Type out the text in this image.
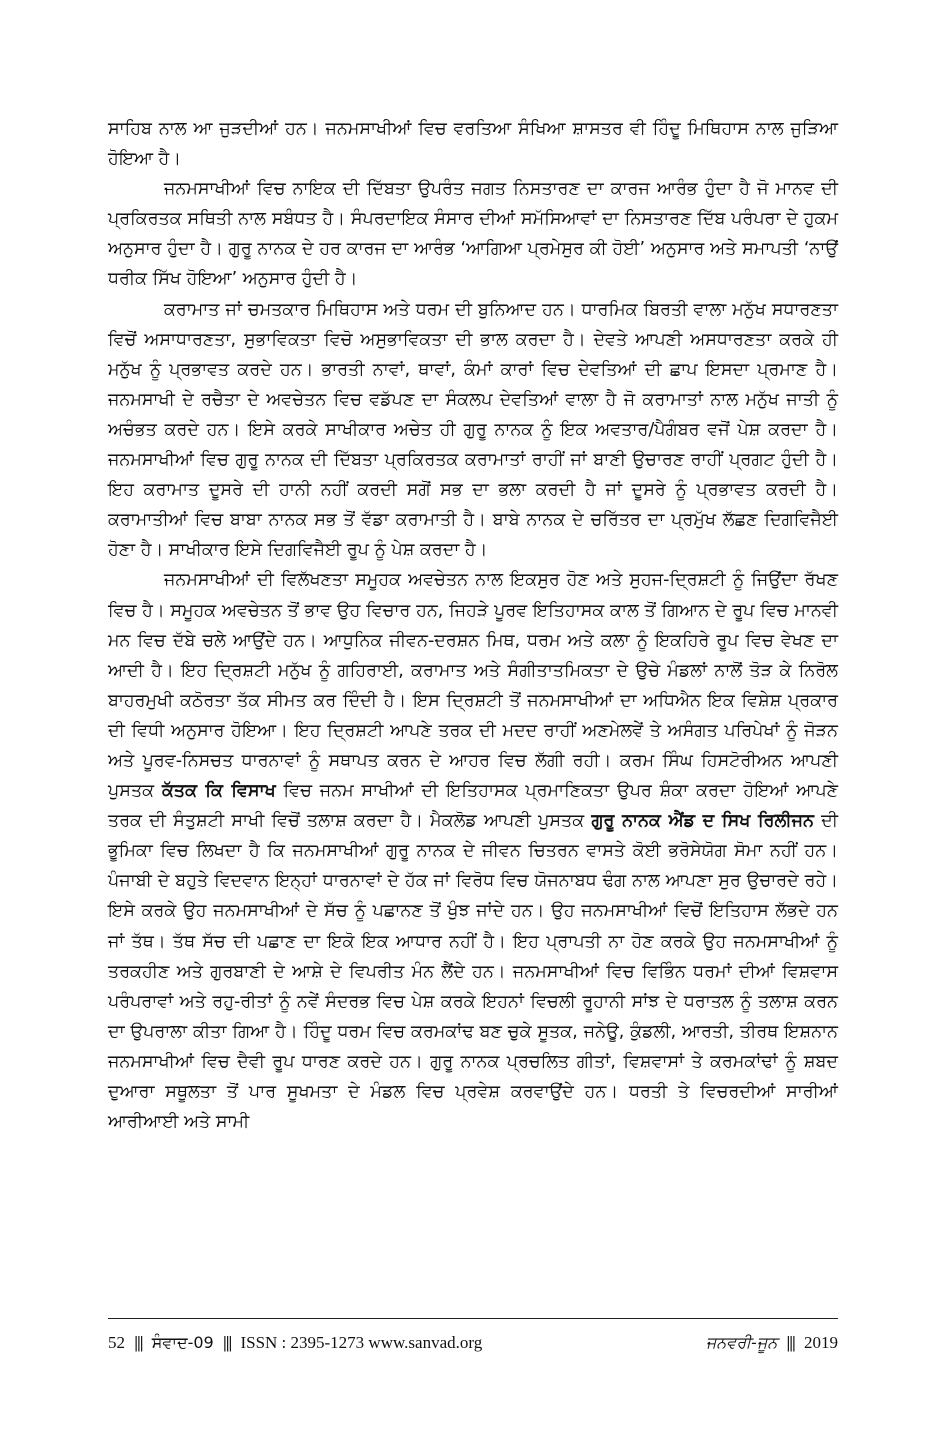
ਸਾਹਿਬ ਨਾਲ ਆ ਜੁੜਦੀਆਂ ਹਨ। ਜਨਮਸਾਖੀਆਂ ਵਿਚ ਵਰਤਿਆ ਸੰਖਿਆ ਸ਼ਾਸਤਰ ਵੀ ਹਿੰਦੂ ਮਿਥਿਹਾਸ ਨਾਲ ਜੁੜਿਆ ਹੋਇਆ ਹੈ।

ਜਨਮਸਾਖੀਆਂ ਵਿਚ ਨਾਇਕ ਦੀ ਦਿੱਬਤਾ ਉਪਰੰਤ ਜਗਤ ਨਿਸਤਾਰਣ ਦਾ ਕਾਰਜ ਆਰੰਭ ਹੁੰਦਾ ਹੈ ਜੋ ਮਾਨਵ ਦੀ ਪ੍ਰਕਿਰਤਕ ਸਥਿਤੀ ਨਾਲ ਸਬੰਧਤ ਹੈ। ਸੰਪਰਦਾਇਕ ਸੰਸਾਰ ਦੀਆਂ ਸਮੱਸਿਆਵਾਂ ਦਾ ਨਿਸਤਾਰਣ ਦਿੱਬ ਪਰੰਪਰਾ ਦੇ ਹੁਕਮ ਅਨੁਸਾਰ ਹੁੰਦਾ ਹੈ। ਗੁਰੂ ਨਾਨਕ ਦੇ ਹਰ ਕਾਰਜ ਦਾ ਆਰੰਭ ‘ਆਗਿਆ ਪ੍ਰਮੇਸੁਰ ਕੀ ਹੋਈ’ ਅਨੁਸਾਰ ਅਤੇ ਸਮਾਪਤੀ ‘ਨਾਉਂ ਧਰੀਕ ਸਿੱਖ ਹੋਇਆ’ ਅਨੁਸਾਰ ਹੁੰਦੀ ਹੈ।

ਕਰਾਮਾਤ ਜਾਂ ਚਮਤਕਾਰ ਮਿਥਿਹਾਸ ਅਤੇ ਧਰਮ ਦੀ ਬੁਨਿਆਦ ਹਨ। ਧਾਰਮਿਕ ਬਿਰਤੀ ਵਾਲਾ ਮਨੁੱਖ ਸਧਾਰਣਤਾ ਵਿਚੋਂ ਅਸਾਧਾਰਣਤਾ, ਸੁਭਾਵਿਕਤਾ ਵਿਚੋ ਅਸੁਭਾਵਿਕਤਾ ਦੀ ਭਾਲ ਕਰਦਾ ਹੈ। ਦੇਵਤੇ ਆਪਣੀ ਅਸਧਾਰਣਤਾ ਕਰਕੇ ਹੀ ਮਨੁੱਖ ਨੂੰ ਪ੍ਰਭਾਵਤ ਕਰਦੇ ਹਨ। ਭਾਰਤੀ ਨਾਵਾਂ, ਥਾਵਾਂ, ਕੰਮਾਂ ਕਾਰਾਂ ਵਿਚ ਦੇਵਤਿਆਂ ਦੀ ਛਾਪ ਇਸਦਾ ਪ੍ਰਮਾਣ ਹੈ। ਜਨਮਸਾਖੀ ਦੇ ਰਚੈਤਾ ਦੇ ਅਵਚੇਤਨ ਵਿਚ ਵਡੱਪਣ ਦਾ ਸੰਕਲਪ ਦੇਵਤਿਆਂ ਵਾਲਾ ਹੈ ਜੋ ਕਰਾਮਾਤਾਂ ਨਾਲ ਮਨੁੱਖ ਜਾਤੀ ਨੂੰ ਅਚੰਭਤ ਕਰਦੇ ਹਨ। ਇਸੇ ਕਰਕੇ ਸਾਖੀਕਾਰ ਅਚੇਤ ਹੀ ਗੁਰੂ ਨਾਨਕ ਨੂੰ ਇਕ ਅਵਤਾਰ/ਪੈਗੰਬਰ ਵਜੋਂ ਪੇਸ਼ ਕਰਦਾ ਹੈ। ਜਨਮਸਾਖੀਆਂ ਵਿਚ ਗੁਰੂ ਨਾਨਕ ਦੀ ਦਿੱਬਤਾ ਪ੍ਰਕਿਰਤਕ ਕਰਾਮਾਤਾਂ ਰਾਹੀਂ ਜਾਂ ਬਾਣੀ ਉਚਾਰਣ ਰਾਹੀਂ ਪ੍ਰਗਟ ਹੁੰਦੀ ਹੈ। ਇਹ ਕਰਾਮਾਤ ਦੂਸਰੇ ਦੀ ਹਾਨੀ ਨਹੀਂ ਕਰਦੀ ਸਗੋਂ ਸਭ ਦਾ ਭਲਾ ਕਰਦੀ ਹੈ ਜਾਂ ਦੂਸਰੇ ਨੂੰ ਪ੍ਰਭਾਵਤ ਕਰਦੀ ਹੈ। ਕਰਾਮਾਤੀਆਂ ਵਿਚ ਬਾਬਾ ਨਾਨਕ ਸਭ ਤੋਂ ਵੱਡਾ ਕਰਾਮਾਤੀ ਹੈ। ਬਾਬੇ ਨਾਨਕ ਦੇ ਚਰਿੱਤਰ ਦਾ ਪ੍ਰਮੁੱਖ ਲੱਛਣ ਦਿਗਵਿਜੈਈ ਹੋਣਾ ਹੈ। ਸਾਖੀਕਾਰ ਇਸੇ ਦਿਗਵਿਜੈਈ ਰੂਪ ਨੂੰ ਪੇਸ਼ ਕਰਦਾ ਹੈ।

ਜਨਮਸਾਖੀਆਂ ਦੀ ਵਿਲੱਖਣਤਾ ਸਮੂਹਕ ਅਵਚੇਤਨ ਨਾਲ ਇਕਸੁਰ ਹੋਣ ਅਤੇ ਸੁਹਜ-ਦ੍ਰਿਸ਼ਟੀ ਨੂੰ ਜਿਉਂਦਾ ਰੱਖਣ ਵਿਚ ਹੈ। ਸਮੂਹਕ ਅਵਚੇਤਨ ਤੋਂ ਭਾਵ ਉਹ ਵਿਚਾਰ ਹਨ, ਜਿਹੜੇ ਪੂਰਵ ਇਤਿਹਾਸਕ ਕਾਲ ਤੋਂ ਗਿਆਨ ਦੇ ਰੂਪ ਵਿਚ ਮਾਨਵੀ ਮਨ ਵਿਚ ਦੱਬੇ ਚਲੇ ਆਉਂਦੇ ਹਨ। ਆਧੁਨਿਕ ਜੀਵਨ-ਦਰਸ਼ਨ ਮਿਥ, ਧਰਮ ਅਤੇ ਕਲਾ ਨੂੰ ਇਕਹਿਰੇ ਰੂਪ ਵਿਚ ਵੇਖਣ ਦਾ ਆਦੀ ਹੈ। ਇਹ ਦ੍ਰਿਸ਼ਟੀ ਮਨੁੱਖ ਨੂੰ ਗਹਿਰਾਈ, ਕਰਾਮਾਤ ਅਤੇ ਸੰਗੀਤਾਤਮਿਕਤਾ ਦੇ ਉਚੇ ਮੰਡਲਾਂ ਨਾਲੋਂ ਤੋੜ ਕੇ ਨਿਰੋਲ ਬਾਹਰਮੁਖੀ ਕਠੋਰਤਾ ਤੱਕ ਸੀਮਤ ਕਰ ਦਿੰਦੀ ਹੈ। ਇਸ ਦ੍ਰਿਸ਼ਟੀ ਤੋਂ ਜਨਮਸਾਖੀਆਂ ਦਾ ਅਧਿਐਨ ਇਕ ਵਿਸ਼ੇਸ਼ ਪ੍ਰਕਾਰ ਦੀ ਵਿਧੀ ਅਨੁਸਾਰ ਹੋਇਆ। ਇਹ ਦ੍ਰਿਸ਼ਟੀ ਆਪਣੇ ਤਰਕ ਦੀ ਮਦਦ ਰਾਹੀਂ ਅਣਮੇਲਵੇਂ ਤੇ ਅਸੰਗਤ ਪਰਿਪੇਖਾਂ ਨੂੰ ਜੋੜਨ ਅਤੇ ਪੂਰਵ-ਨਿਸਚਤ ਧਾਰਨਾਵਾਂ ਨੂੰ ਸਥਾਪਤ ਕਰਨ ਦੇ ਆਹਰ ਵਿਚ ਲੱਗੀ ਰਹੀ। ਕਰਮ ਸਿੰਘ ਹਿਸਟੋਰੀਅਨ ਆਪਣੀ ਪੁਸਤਕ ਕੱਤਕ ਕਿ ਵਿਸਾਖ ਵਿਚ ਜਨਮ ਸਾਖੀਆਂ ਦੀ ਇਤਿਹਾਸਕ ਪ੍ਰਮਾਣਿਕਤਾ ਉਪਰ ਸ਼ੰਕਾ ਕਰਦਾ ਹੋਇਆਂ ਆਪਣੇ ਤਰਕ ਦੀ ਸੰਤੁਸ਼ਟੀ ਸਾਖੀ ਵਿਚੋਂ ਤਲਾਸ਼ ਕਰਦਾ ਹੈ। ਮੈਕਲੋਡ ਆਪਣੀ ਪੁਸਤਕ ਗੁਰੂ ਨਾਨਕ ਐਂਡ ਦ ਸਿਖ ਰਿਲੀਜਨ ਦੀ ਭੂਮਿਕਾ ਵਿਚ ਲਿਖਦਾ ਹੈ ਕਿ ਜਨਮਸਾਖੀਆਂ ਗੁਰੂ ਨਾਨਕ ਦੇ ਜੀਵਨ ਚਿਤਰਨ ਵਾਸਤੇ ਕੋਈ ਭਰੋਸੇਯੋਗ ਸੋਮਾ ਨਹੀਂ ਹਨ। ਪੰਜਾਬੀ ਦੇ ਬਹੁਤੇ ਵਿਦਵਾਨ ਇਨ੍ਹਾਂ ਧਾਰਨਾਵਾਂ ਦੇ ਹੱਕ ਜਾਂ ਵਿਰੋਧ ਵਿਚ ਯੋਜਨਾਬਧ ਢੰਗ ਨਾਲ ਆਪਣਾ ਸੁਰ ਉਚਾਰਦੇ ਰਹੇ। ਇਸੇ ਕਰਕੇ ਉਹ ਜਨਮਸਾਖੀਆਂ ਦੇ ਸੱਚ ਨੂੰ ਪਛਾਨਣ ਤੋਂ ਖੁੰਝ ਜਾਂਦੇ ਹਨ। ਉਹ ਜਨਮਸਾਖੀਆਂ ਵਿਚੋਂ ਇਤਿਹਾਸ ਲੱਭਦੇ ਹਨ ਜਾਂ ਤੱਥ। ਤੱਥ ਸੱਚ ਦੀ ਪਛਾਣ ਦਾ ਇਕੋ ਇਕ ਆਧਾਰ ਨਹੀਂ ਹੈ। ਇਹ ਪ੍ਰਾਪਤੀ ਨਾ ਹੋਣ ਕਰਕੇ ਉਹ ਜਨਮਸਾਖੀਆਂ ਨੂੰ ਤਰਕਹੀਣ ਅਤੇ ਗੁਰਬਾਣੀ ਦੇ ਆਸ਼ੇ ਦੇ ਵਿਪਰੀਤ ਮੰਨ ਲੈਂਦੇ ਹਨ। ਜਨਮਸਾਖੀਆਂ ਵਿਚ ਵਿਭਿੰਨ ਧਰਮਾਂ ਦੀਆਂ ਵਿਸ਼ਵਾਸ ਪਰੰਪਰਾਵਾਂ ਅਤੇ ਰਹੁ-ਰੀਤਾਂ ਨੂੰ ਨਵੇਂ ਸੰਦਰਭ ਵਿਚ ਪੇਸ਼ ਕਰਕੇ ਇਹਨਾਂ ਵਿਚਲੀ ਰੂਹਾਨੀ ਸਾਂਝ ਦੇ ਧਰਾਤਲ ਨੂੰ ਤਲਾਸ਼ ਕਰਨ ਦਾ ਉਪਰਾਲਾ ਕੀਤਾ ਗਿਆ ਹੈ। ਹਿੰਦੂ ਧਰਮ ਵਿਚ ਕਰਮਕਾਂਢ ਬਣ ਚੁਕੇ ਸੂਤਕ, ਜਨੇਊ, ਕੁੰਡਲੀ, ਆਰਤੀ, ਤੀਰਥ ਇਸ਼ਨਾਨ ਜਨਮਸਾਖੀਆਂ ਵਿਚ ਦੈਵੀ ਰੂਪ ਧਾਰਣ ਕਰਦੇ ਹਨ। ਗੁਰੂ ਨਾਨਕ ਪ੍ਰਚਲਿਤ ਗੀਤਾਂ, ਵਿਸ਼ਵਾਸਾਂ ਤੇ ਕਰਮਕਾਂਢਾਂ ਨੂੰ ਸ਼ਬਦ ਦੁਆਰਾ ਸਥੂਲਤਾ ਤੋਂ ਪਾਰ ਸੂਖਮਤਾ ਦੇ ਮੰਡਲ ਵਿਚ ਪ੍ਰਵੇਸ਼ ਕਰਵਾਉਂਦੇ ਹਨ। ਧਰਤੀ ਤੇ ਵਿਚਰਦੀਆਂ ਸਾਰੀਆਂ ਆਰੀਆਈ ਅਤੇ ਸਾਮੀ

52 ||| ਸੰਵਾਦ-09 ||| ISSN : 2395-1273 www.sanvad.org	ਜਨਵਰੀ-ਜੂਨ ||| 2019
